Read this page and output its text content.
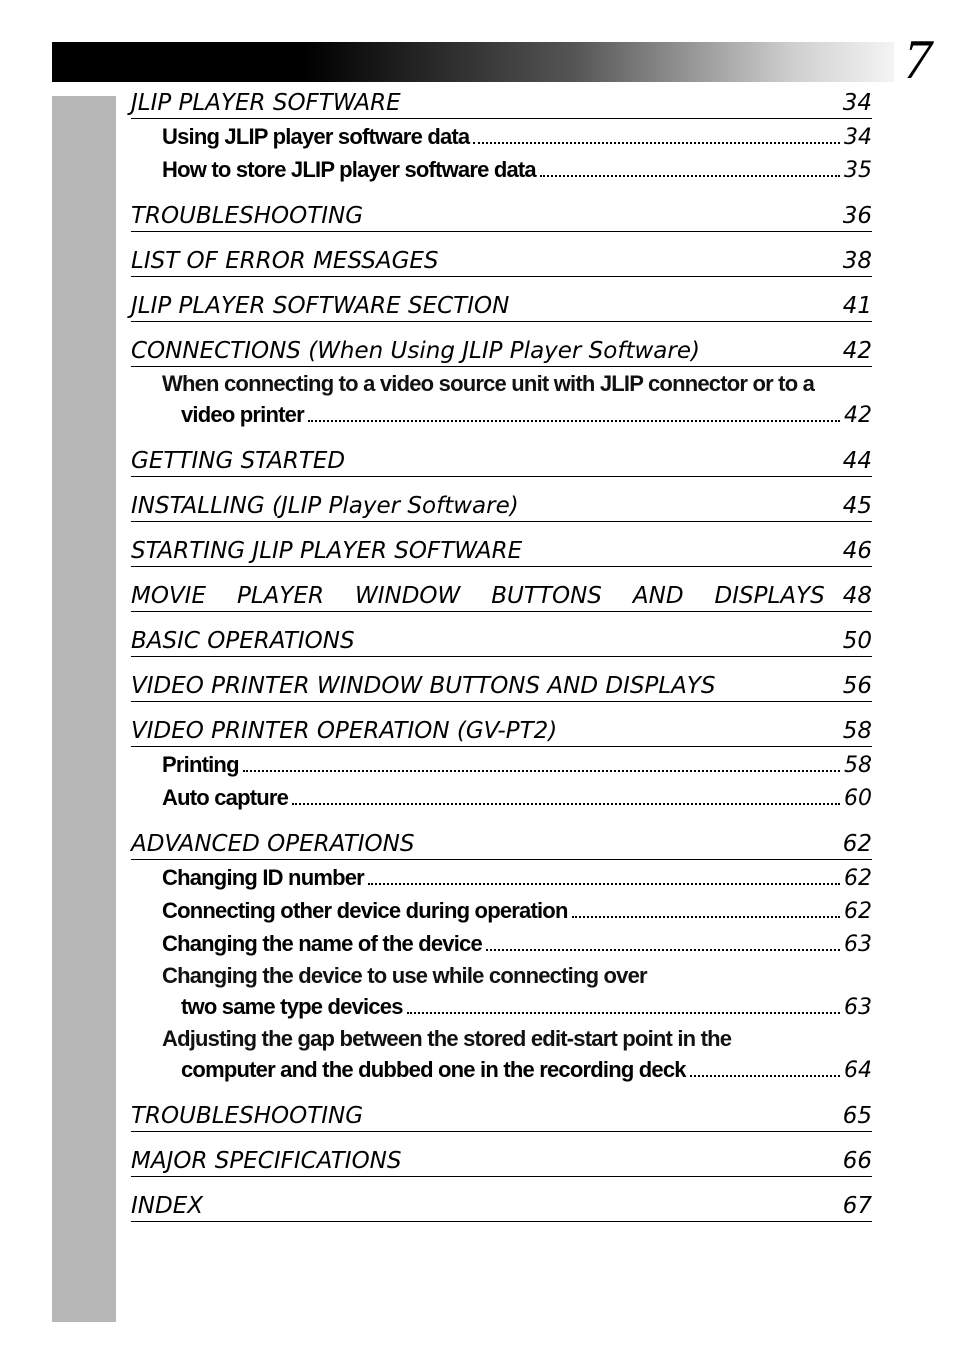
7
JLIP PLAYER SOFTWARE	34
Using JLIP player software data	34
How to store JLIP player software data	35
TROUBLESHOOTING	36
LIST OF ERROR MESSAGES	38
JLIP PLAYER SOFTWARE SECTION	41
CONNECTIONS (When Using JLIP Player Software)	42
When connecting to a video source unit with JLIP connector or to a
video printer	42
GETTING STARTED	44
INSTALLING (JLIP Player Software)	45
STARTING JLIP PLAYER SOFTWARE	46
MOVIE PLAYER WINDOW BUTTONS AND DISPLAYS 48
BASIC OPERATIONS	50
VIDEO PRINTER WINDOW BUTTONS AND DISPLAYS	56
VIDEO PRINTER OPERATION (GV-PT2)	58
Printing	58
Auto capture	60
ADVANCED OPERATIONS	62
Changing ID number	62
Connecting other device during operation	62
Changing the name of the device	63
Changing the device to use while connecting over
two same type devices	63
Adjusting the gap between the stored edit-start point in the
computer and the dubbed one in the recording deck	64
TROUBLESHOOTING	65
MAJOR SPECIFICATIONS	66
INDEX	67
